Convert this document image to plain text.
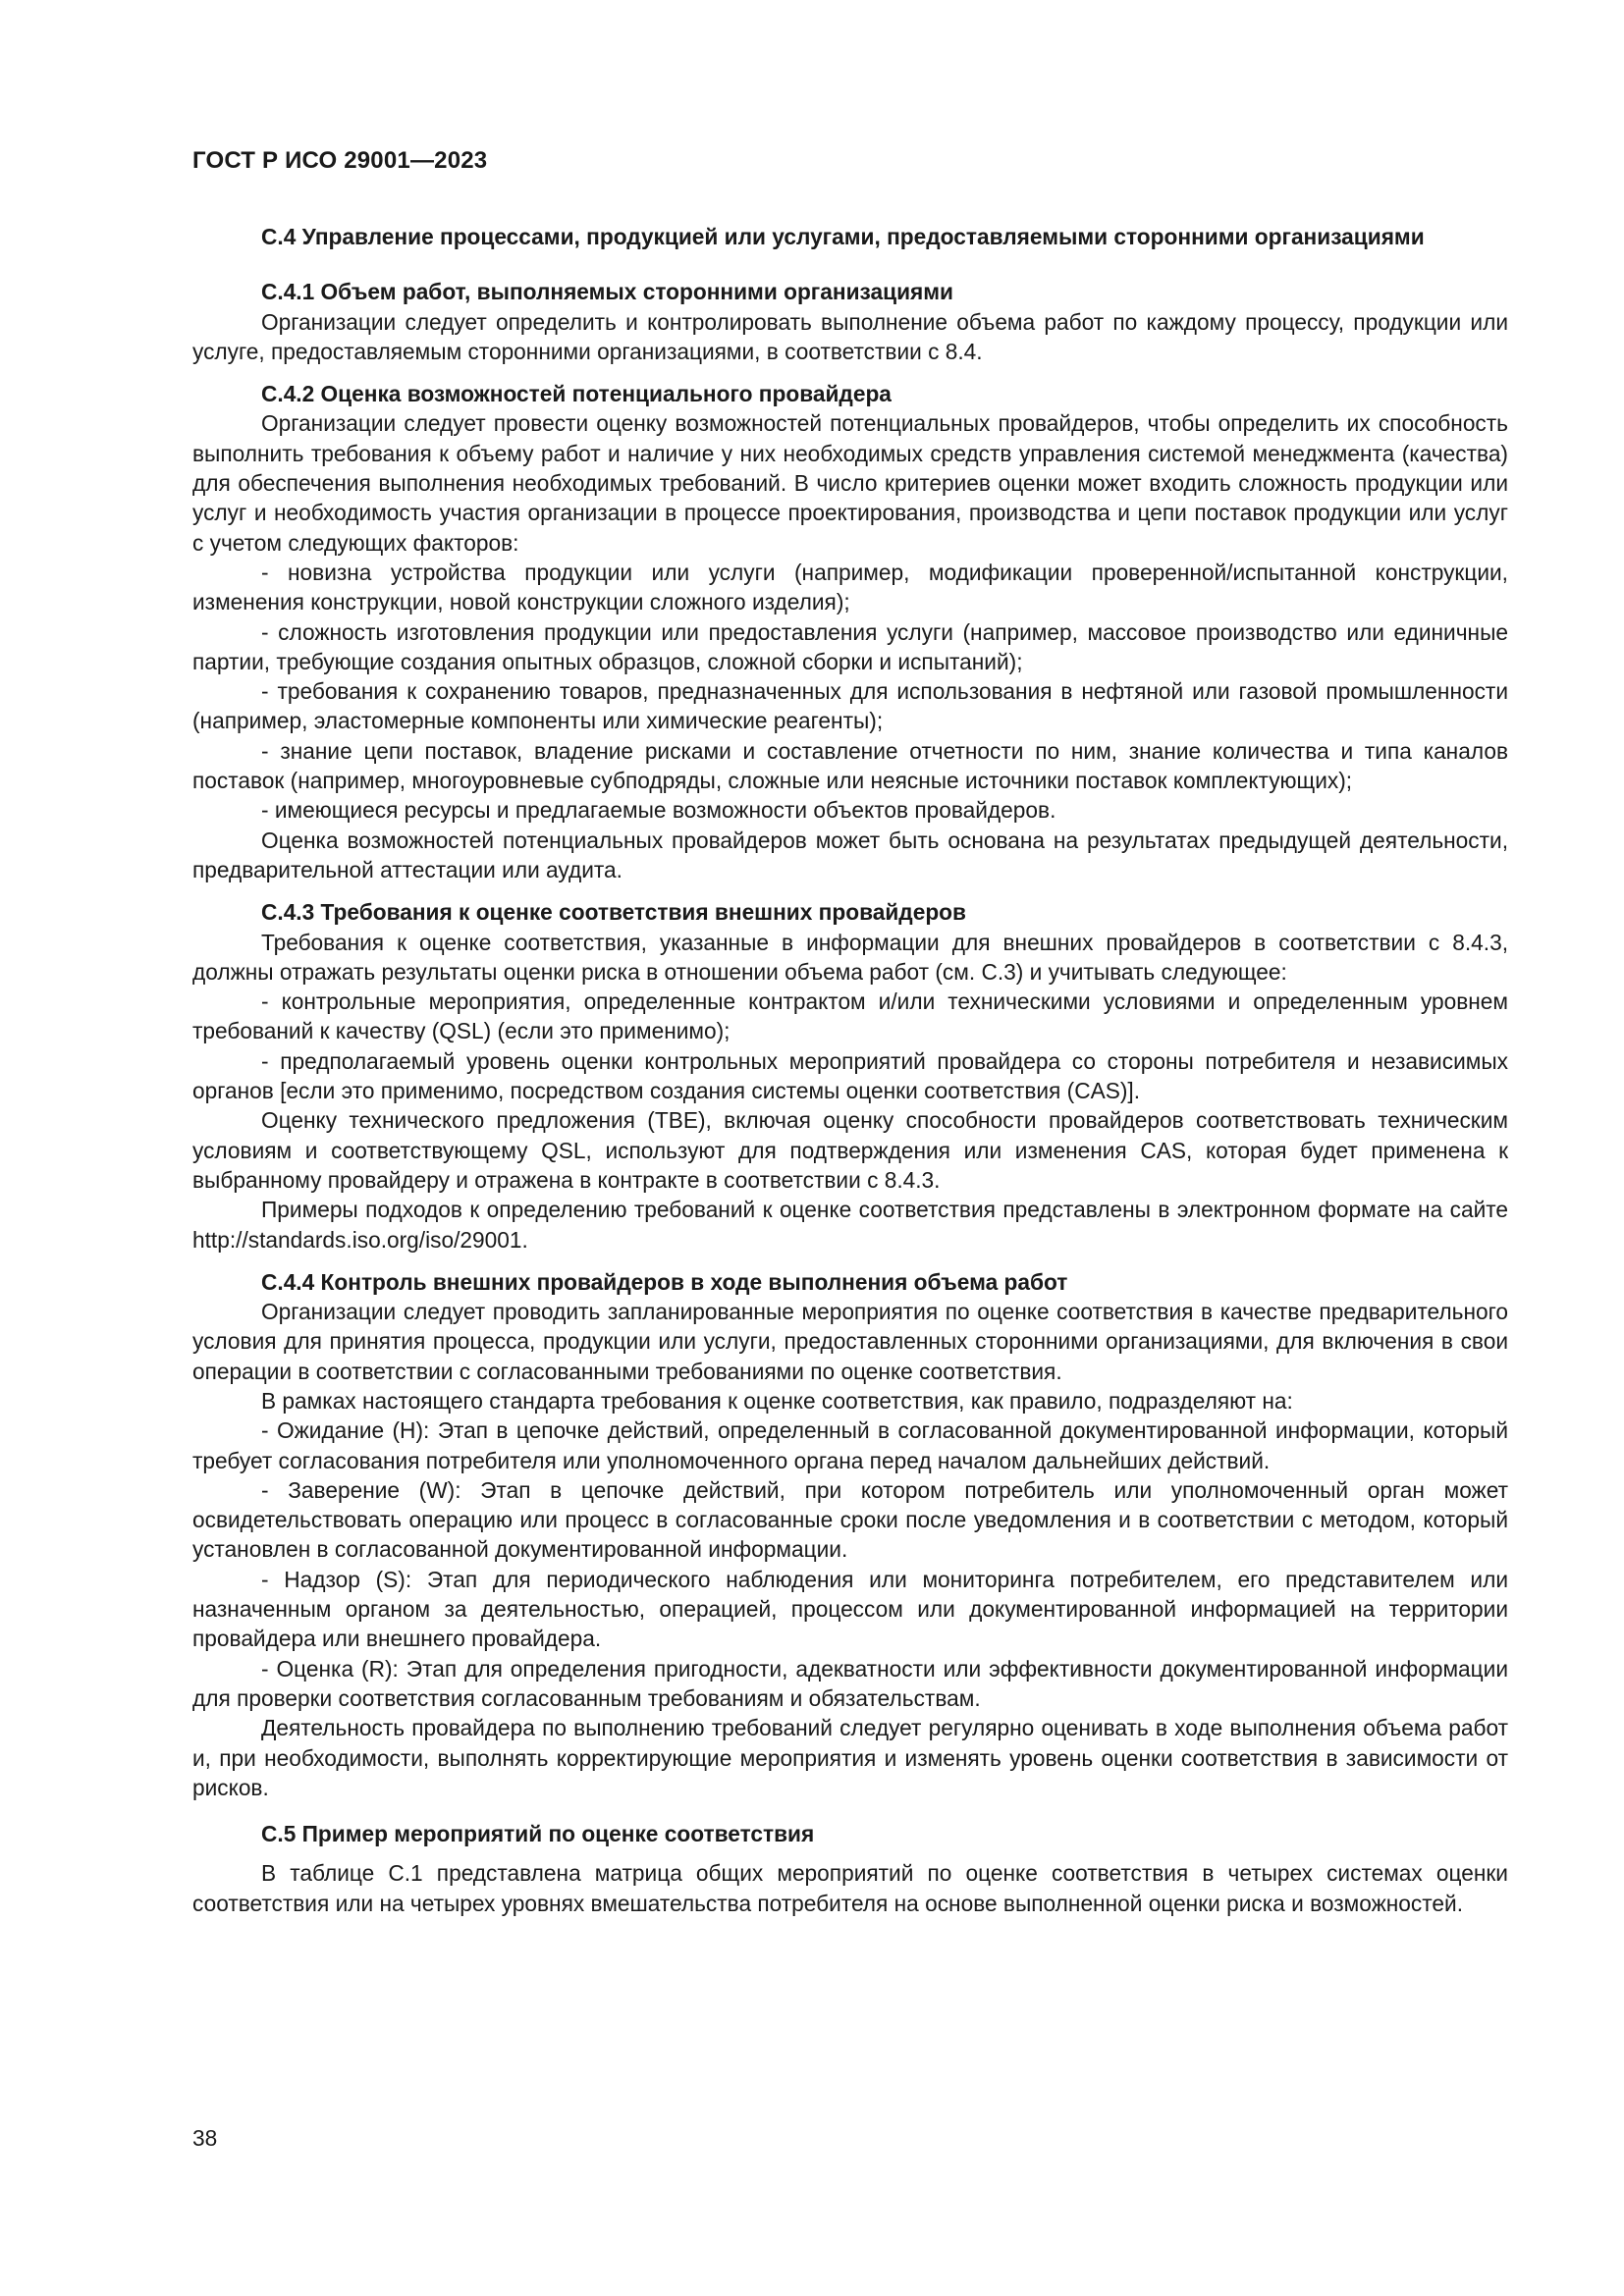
ГОСТ Р ИСО 29001—2023
С.4 Управление процессами, продукцией или услугами, предоставляемыми сторонними организациями
С.4.1 Объем работ, выполняемых сторонними организациями

Организации следует определить и контролировать выполнение объема работ по каждому процессу, продукции или услуге, предоставляемым сторонними организациями, в соответствии с 8.4.

С.4.2 Оценка возможностей потенциального провайдера

Организации следует провести оценку возможностей потенциальных провайдеров, чтобы определить их способность выполнить требования к объему работ и наличие у них необходимых средств управления системой менеджмента (качества) для обеспечения выполнения необходимых требований. В число критериев оценки может входить сложность продукции или услуг и необходимость участия организации в процессе проектирования, производства и цепи поставок продукции или услуг с учетом следующих факторов:

- новизна устройства продукции или услуги (например, модификации проверенной/испытанной конструкции, изменения конструкции, новой конструкции сложного изделия);

- сложность изготовления продукции или предоставления услуги (например, массовое производство или единичные партии, требующие создания опытных образцов, сложной сборки и испытаний);

- требования к сохранению товаров, предназначенных для использования в нефтяной или газовой промышленности (например, эластомерные компоненты или химические реагенты);

- знание цепи поставок, владение рисками и составление отчетности по ним, знание количества и типа каналов поставок (например, многоуровневые субподряды, сложные или неясные источники поставок комплектующих);

- имеющиеся ресурсы и предлагаемые возможности объектов провайдеров.

Оценка возможностей потенциальных провайдеров может быть основана на результатах предыдущей деятельности, предварительной аттестации или аудита.

С.4.3 Требования к оценке соответствия внешних провайдеров

Требования к оценке соответствия, указанные в информации для внешних провайдеров в соответствии с 8.4.3, должны отражать результаты оценки риска в отношении объема работ (см. С.3) и учитывать следующее:

- контрольные мероприятия, определенные контрактом и/или техническими условиями и определенным уровнем требований к качеству (QSL) (если это применимо);

- предполагаемый уровень оценки контрольных мероприятий провайдера со стороны потребителя и независимых органов [если это применимо, посредством создания системы оценки соответствия (CAS)].

Оценку технического предложения (TBE), включая оценку способности провайдеров соответствовать техническим условиям и соответствующему QSL, используют для подтверждения или изменения CAS, которая будет применена к выбранному провайдеру и отражена в контракте в соответствии с 8.4.3.

Примеры подходов к определению требований к оценке соответствия представлены в электронном формате на сайте http://standards.iso.org/iso/29001.

С.4.4 Контроль внешних провайдеров в ходе выполнения объема работ

Организации следует проводить запланированные мероприятия по оценке соответствия в качестве предварительного условия для принятия процесса, продукции или услуги, предоставленных сторонними организациями, для включения в свои операции в соответствии с согласованными требованиями по оценке соответствия.

В рамках настоящего стандарта требования к оценке соответствия, как правило, подразделяют на:

- Ожидание (H): Этап в цепочке действий, определенный в согласованной документированной информации, который требует согласования потребителя или уполномоченного органа перед началом дальнейших действий.

- Заверение (W): Этап в цепочке действий, при котором потребитель или уполномоченный орган может освидетельствовать операцию или процесс в согласованные сроки после уведомления и в соответствии с методом, который установлен в согласованной документированной информации.

- Надзор (S): Этап для периодического наблюдения или мониторинга потребителем, его представителем или назначенным органом за деятельностью, операцией, процессом или документированной информацией на территории провайдера или внешнего провайдера.

- Оценка (R): Этап для определения пригодности, адекватности или эффективности документированной информации для проверки соответствия согласованным требованиям и обязательствам.

Деятельность провайдера по выполнению требований следует регулярно оценивать в ходе выполнения объема работ и, при необходимости, выполнять корректирующие мероприятия и изменять уровень оценки соответствия в зависимости от рисков.

С.5 Пример мероприятий по оценке соответствия

В таблице С.1 представлена матрица общих мероприятий по оценке соответствия в четырех системах оценки соответствия или на четырех уровнях вмешательства потребителя на основе выполненной оценки риска и возможностей.

38
